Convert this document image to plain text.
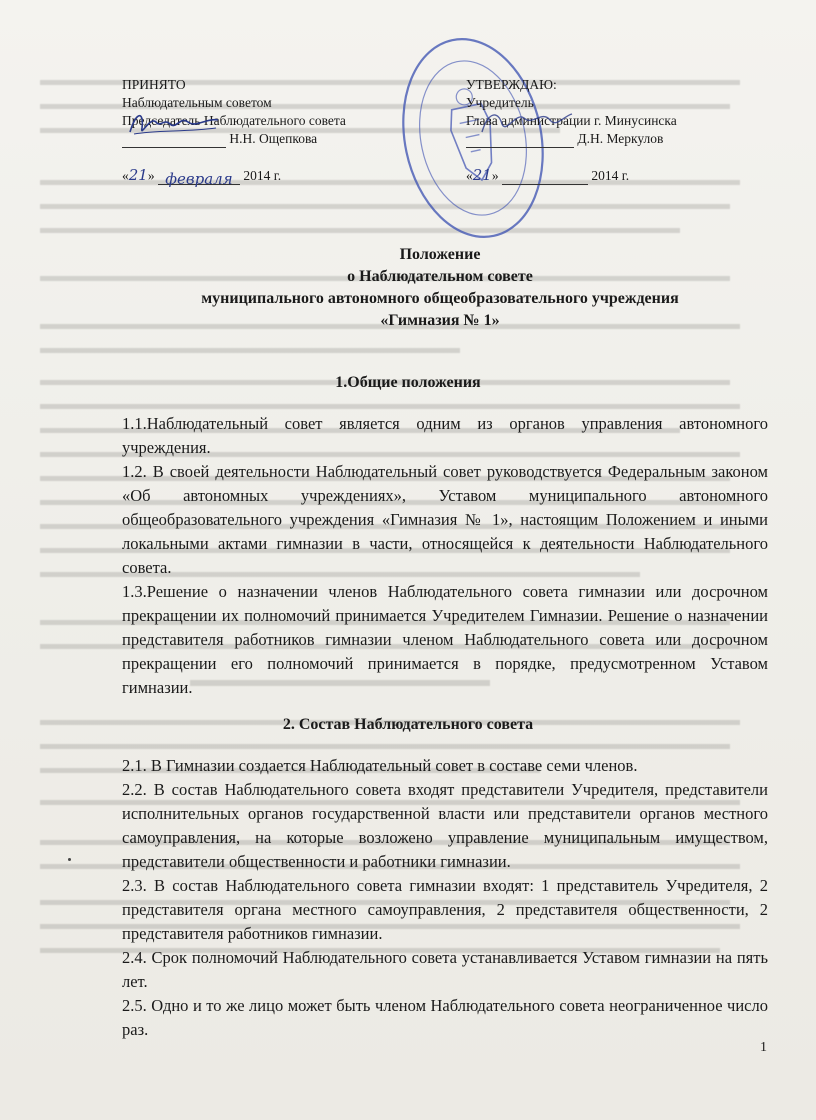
ПРИНЯТО
Наблюдательным советом
Председатель Наблюдательного совета
Н.Н. Ощепкова
«21» февраля 2014 г.
УТВЕРЖДАЮ:
Учредитель
Глава администрации г. Минусинска
Д.Н. Меркулов
«21»	2014 г.
Положение
о Наблюдательном совете
муниципального автономного общеобразовательного учреждения
«Гимназия № 1»
1.Общие положения

1.1.Наблюдательный совет является одним из органов управления автономного учреждения.

1.2. В своей деятельности Наблюдательный совет руководствуется Федеральным законом «Об автономных учреждениях», Уставом муниципального автономного общеобразовательного учреждения «Гимназия № 1», настоящим Положением и иными локальными актами гимназии в части, относящейся к деятельности Наблюдательного совета.

1.3.Решение о назначении членов Наблюдательного совета гимназии или досрочном прекращении их полномочий принимается Учредителем Гимназии. Решение о назначении представителя работников гимназии членом Наблюдательного совета или досрочном прекращении его полномочий принимается в порядке, предусмотренном Уставом гимназии.

2. Состав Наблюдательного совета

2.1. В Гимназии создается Наблюдательный совет в составе семи членов.

2.2. В состав Наблюдательного совета входят представители Учредителя, представители исполнительных органов государственной власти или представители органов местного самоуправления, на которые возложено управление муниципальным имуществом, представители общественности и работники гимназии.

2.3. В состав Наблюдательного совета гимназии входят: 1 представитель Учредителя, 2 представителя органа местного самоуправления, 2 представителя общественности, 2 представителя работников гимназии.

2.4. Срок полномочий Наблюдательного совета устанавливается Уставом гимназии на пять лет.

2.5. Одно и то же лицо может быть членом Наблюдательного совета неограниченное число раз.

1
